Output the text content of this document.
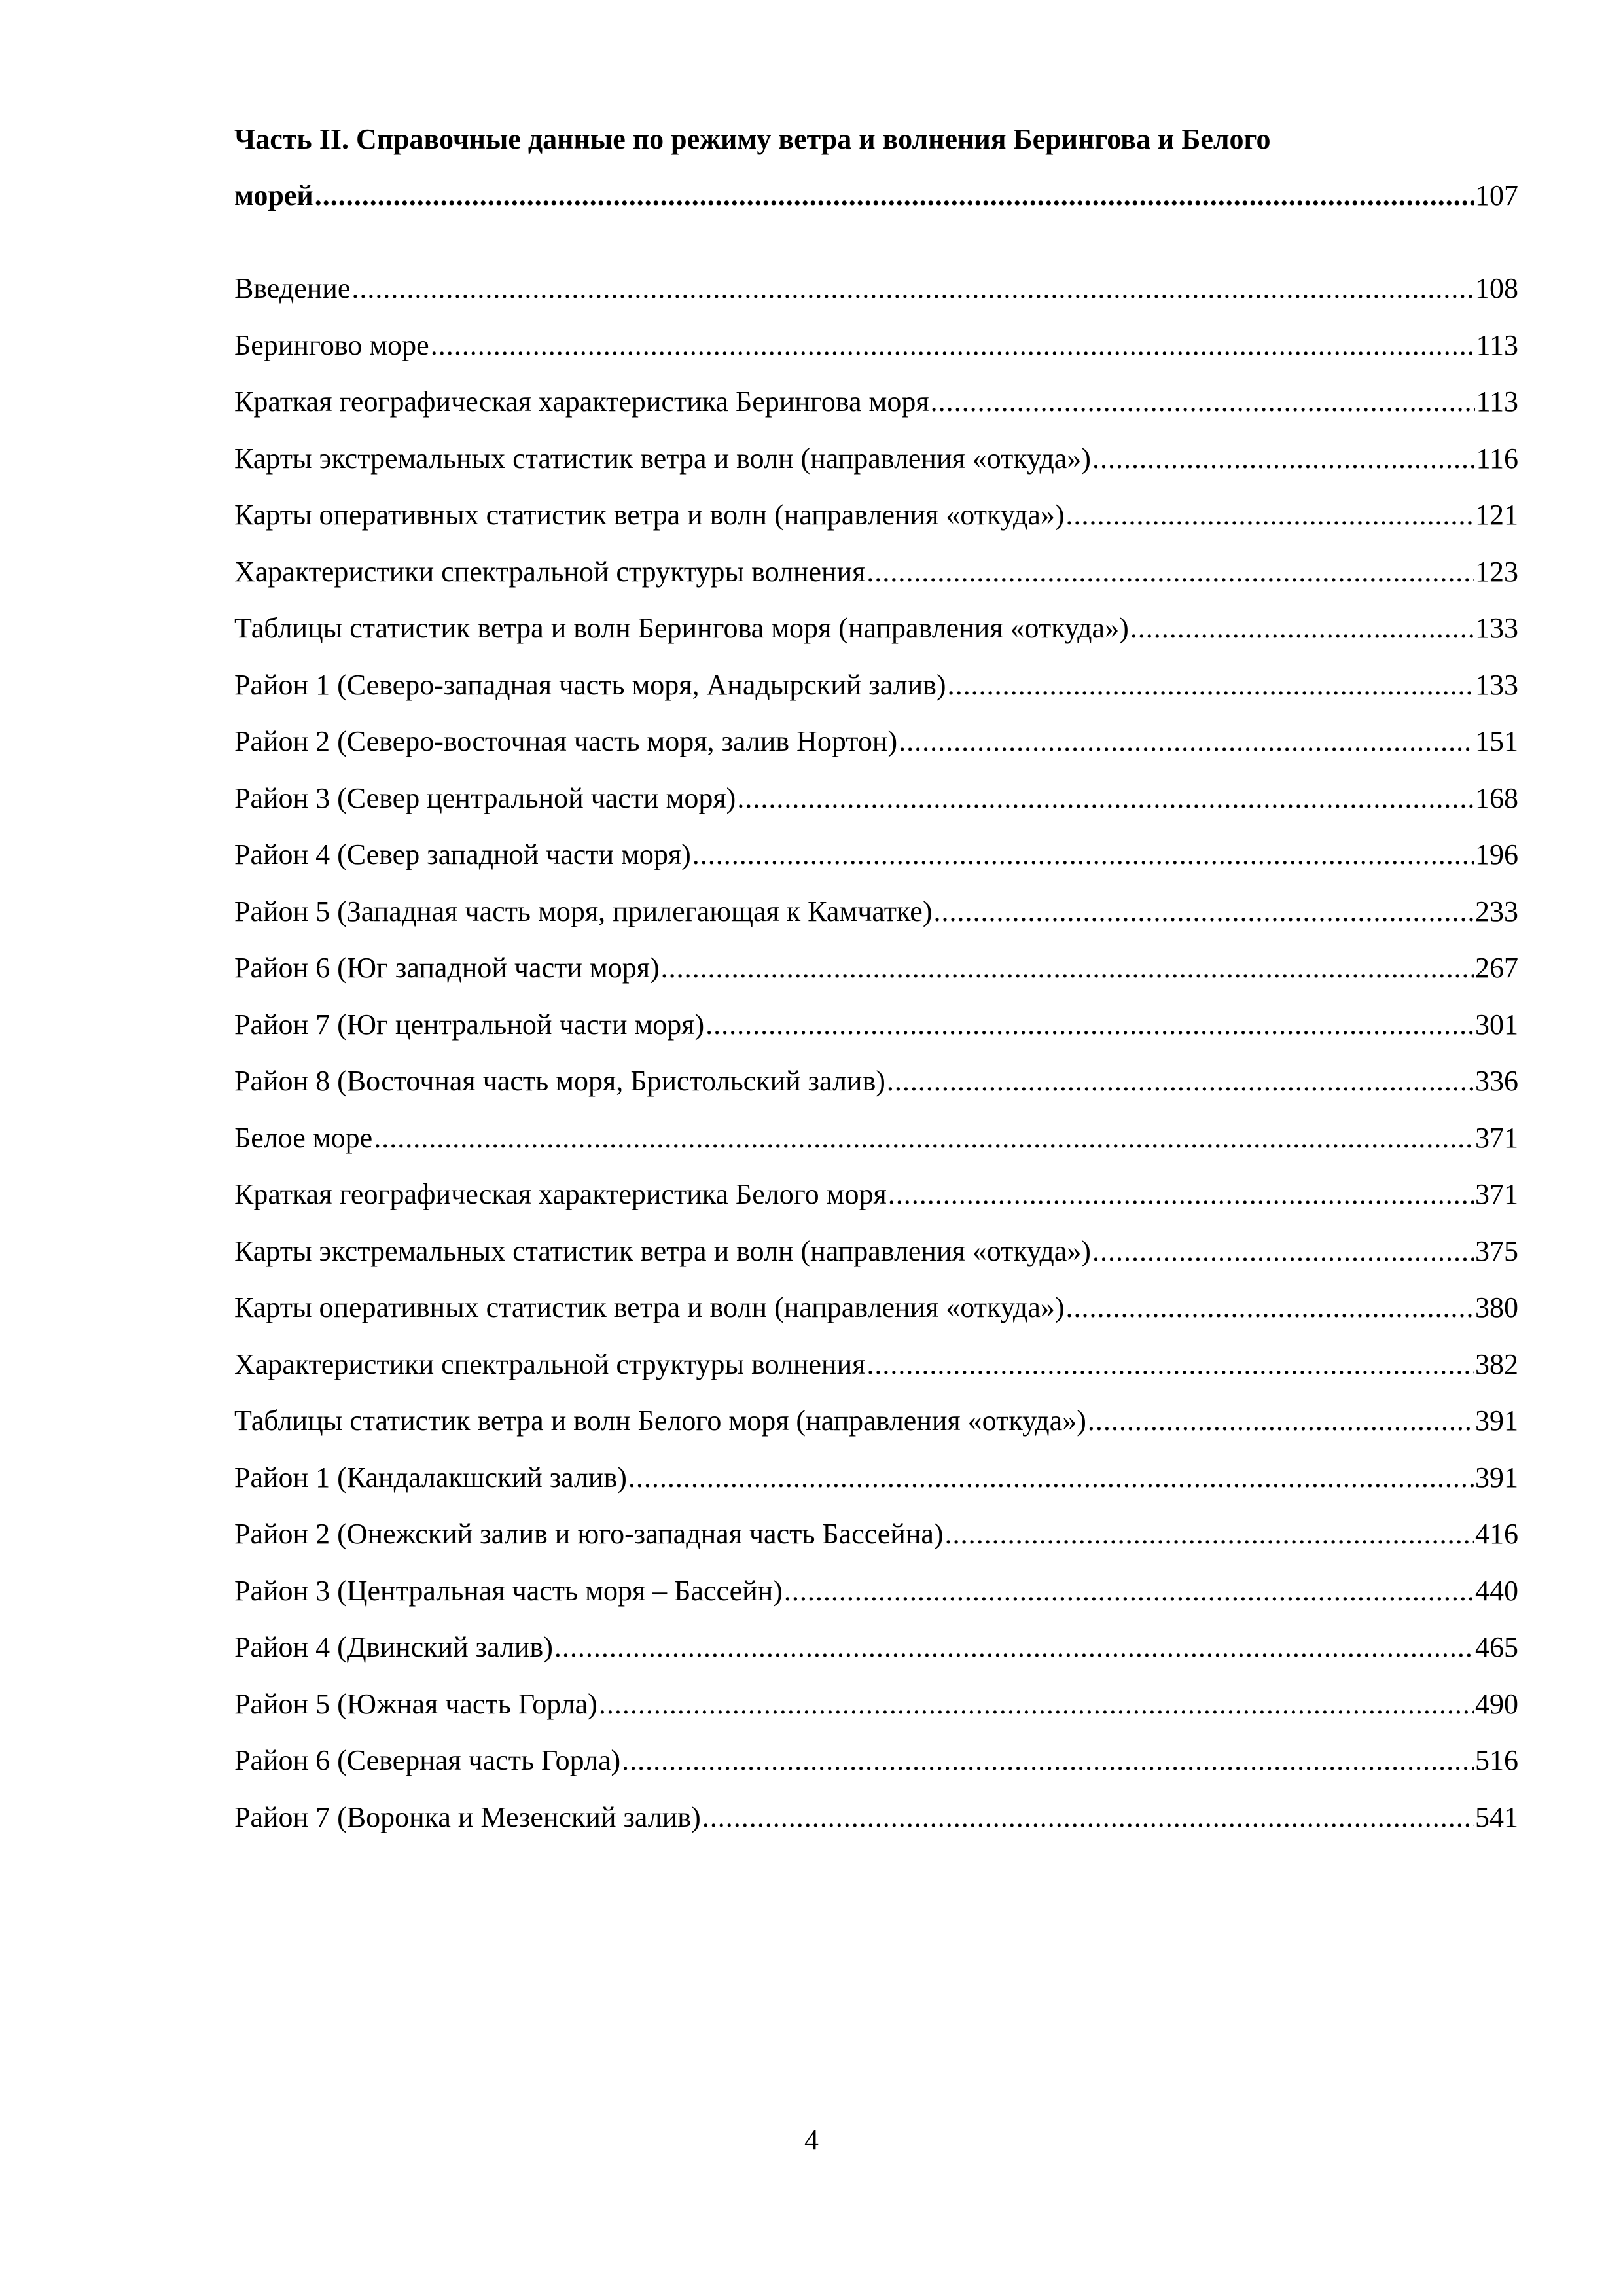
Часть II. Справочные данные по режиму ветра и волнения Берингова и Белого

морей .....	107
Введение .....	108
Берингово море .....	113
Краткая географическая характеристика Берингова моря .....	113
Карты экстремальных статистик ветра и волн (направления «откуда») .....	116
Карты оперативных статистик ветра и волн (направления «откуда») .....	121
Характеристики спектральной структуры волнения .....	123
Таблицы статистик ветра и волн Берингова моря (направления «откуда») .....	133
Район 1 (Северо-западная часть моря, Анадырский залив) .....	133
Район 2 (Северо-восточная часть моря, залив Нортон) .....	151
Район 3 (Север центральной части моря) .....	168
Район 4 (Север западной части моря) .....	196
Район 5 (Западная часть моря, прилегающая к Камчатке) .....	233
Район 6 (Юг западной части моря) .....	267
Район 7 (Юг центральной части моря) .....	301
Район 8 (Восточная часть моря, Бристольский залив) .....	336
Белое море .....	371
Краткая географическая характеристика Белого моря .....	371
Карты экстремальных статистик ветра и волн (направления «откуда») .....	375
Карты оперативных статистик ветра и волн (направления «откуда») .....	380
Характеристики спектральной структуры волнения .....	382
Таблицы статистик ветра и волн Белого моря (направления «откуда») .....	391
Район 1 (Кандалакшский залив) .....	391
Район 2 (Онежский залив и юго-западная часть Бассейна) .....	416
Район 3 (Центральная часть моря – Бассейн) .....	440
Район 4 (Двинский залив) .....	465
Район 5 (Южная часть Горла) .....	490
Район 6 (Северная часть Горла) .....	516
Район 7 (Воронка и Мезенский залив) .....	541
4
